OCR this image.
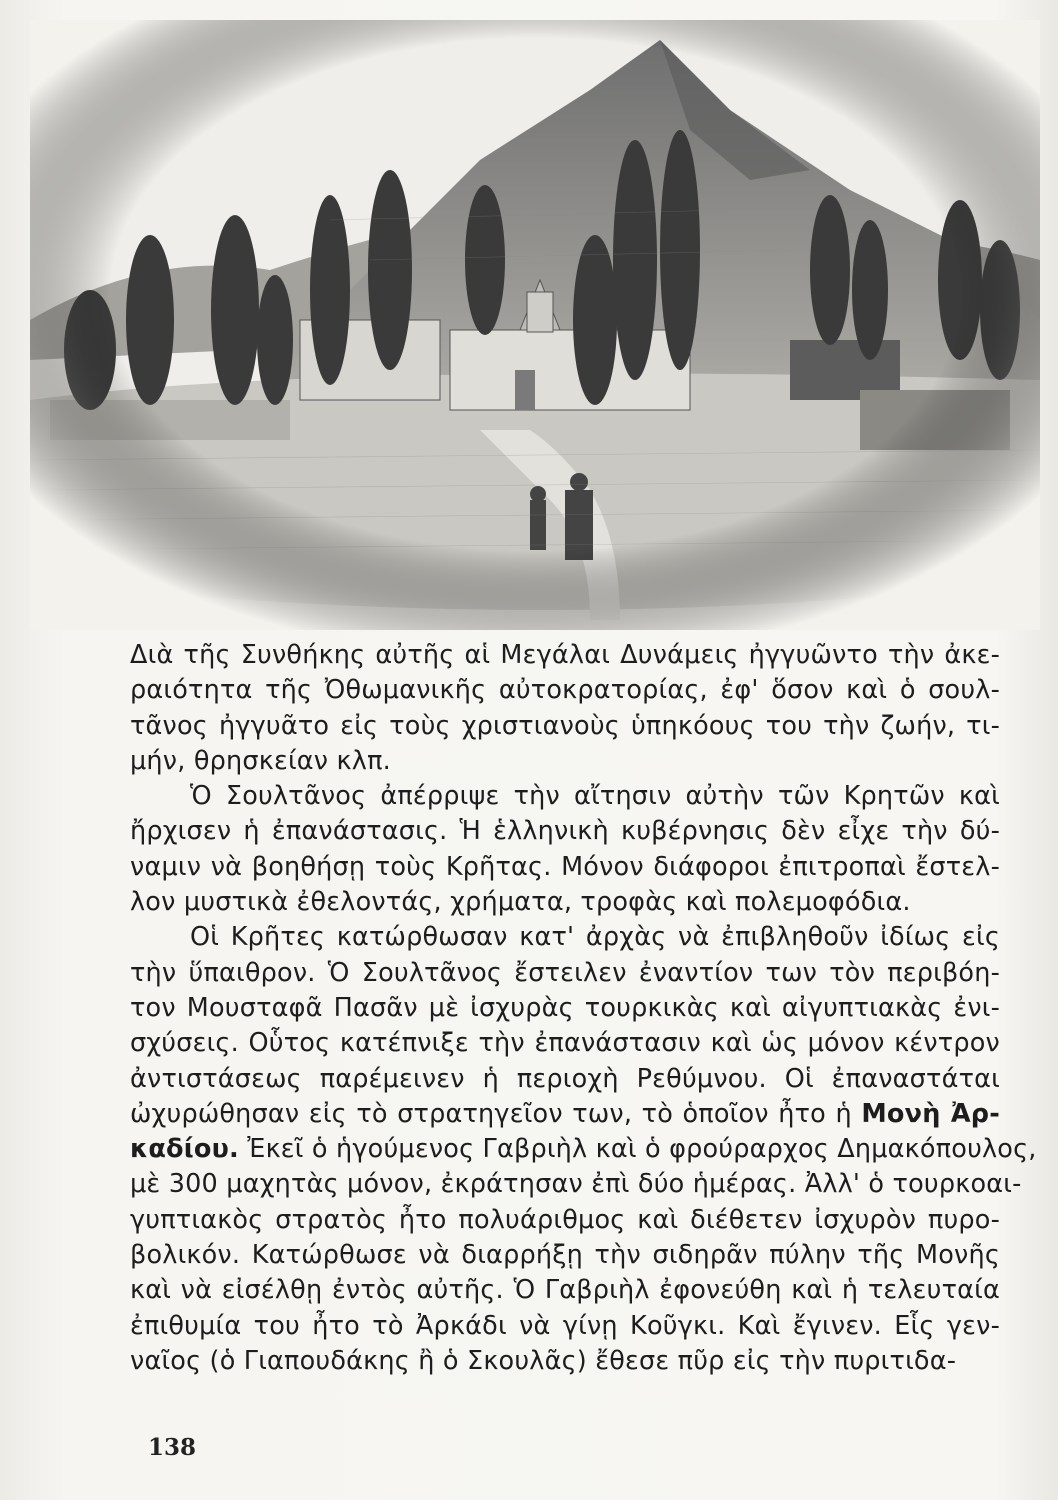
Διὰ τῆς Συνθήκης αὐτῆς αἱ Μεγάλαι Δυνάμεις ἠγγυῶντο τὴν ἀκε-
ραιότητα τῆς Ὀθωμανικῆς αὐτοκρατορίας, ἐφ' ὅσον καὶ ὁ σουλ-
τᾶνος ἠγγυᾶτο εἰς τοὺς χριστιανοὺς ὑπηκόους του τὴν ζωήν, τι-
μήν, θρησκείαν κλπ.
Ὁ Σουλτᾶνος ἀπέρριψε τὴν αἴτησιν αὐτὴν τῶν Κρητῶν καὶ
ἤρχισεν ἡ ἐπανάστασις. Ἡ ἑλληνικὴ κυβέρνησις δὲν εἶχε τὴν δύ-
ναμιν νὰ βοηθήσῃ τοὺς Κρῆτας. Μόνον διάφοροι ἐπιτροπαὶ ἔστελ-
λον μυστικὰ ἐθελοντάς, χρήματα, τροφὰς καὶ πολεμοφόδια.
Οἱ Κρῆτες κατώρθωσαν κατ' ἀρχὰς νὰ ἐπιβληθοῦν ἰδίως εἰς
τὴν ὕπαιθρον. Ὁ Σουλτᾶνος ἔστειλεν ἐναντίον των τὸν περιβόη-
τον Μουσταφᾶ Πασᾶν μὲ ἰσχυρὰς τουρκικὰς καὶ αἰγυπτιακὰς ἐνι-
σχύσεις. Οὗτος κατέπνιξε τὴν ἐπανάστασιν καὶ ὡς μόνον κέντρον
ἀντιστάσεως παρέμεινεν ἡ περιοχὴ Ρεθύμνου. Οἱ ἐπαναστάται
ὠχυρώθησαν εἰς τὸ στρατηγεῖον των, τὸ ὁποῖον ἦτο ἡ Μονὴ Ἀρ-
καδίου. Ἐκεῖ ὁ ἡγούμενος Γαβριὴλ καὶ ὁ φρούραρχος Δημακόπουλος,
μὲ 300 μαχητὰς μόνον, ἐκράτησαν ἐπὶ δύο ἡμέρας. Ἀλλ' ὁ τουρκοαι-
γυπτιακὸς στρατὸς ἦτο πολυάριθμος καὶ διέθετεν ἰσχυρὸν πυρο-
βολικόν. Κατώρθωσε νὰ διαρρήξῃ τὴν σιδηρᾶν πύλην τῆς Μονῆς
καὶ νὰ εἰσέλθῃ ἐντὸς αὐτῆς. Ὁ Γαβριὴλ ἐφονεύθη καὶ ἡ τελευταία
ἐπιθυμία του ἦτο τὸ Ἀρκάδι νὰ γίνῃ Κοῦγκι. Καὶ ἔγινεν. Εἷς γεν-
ναῖος (ὁ Γιαπουδάκης ἢ ὁ Σκουλᾶς) ἔθεσε πῦρ εἰς τὴν πυριτιδα-
138
